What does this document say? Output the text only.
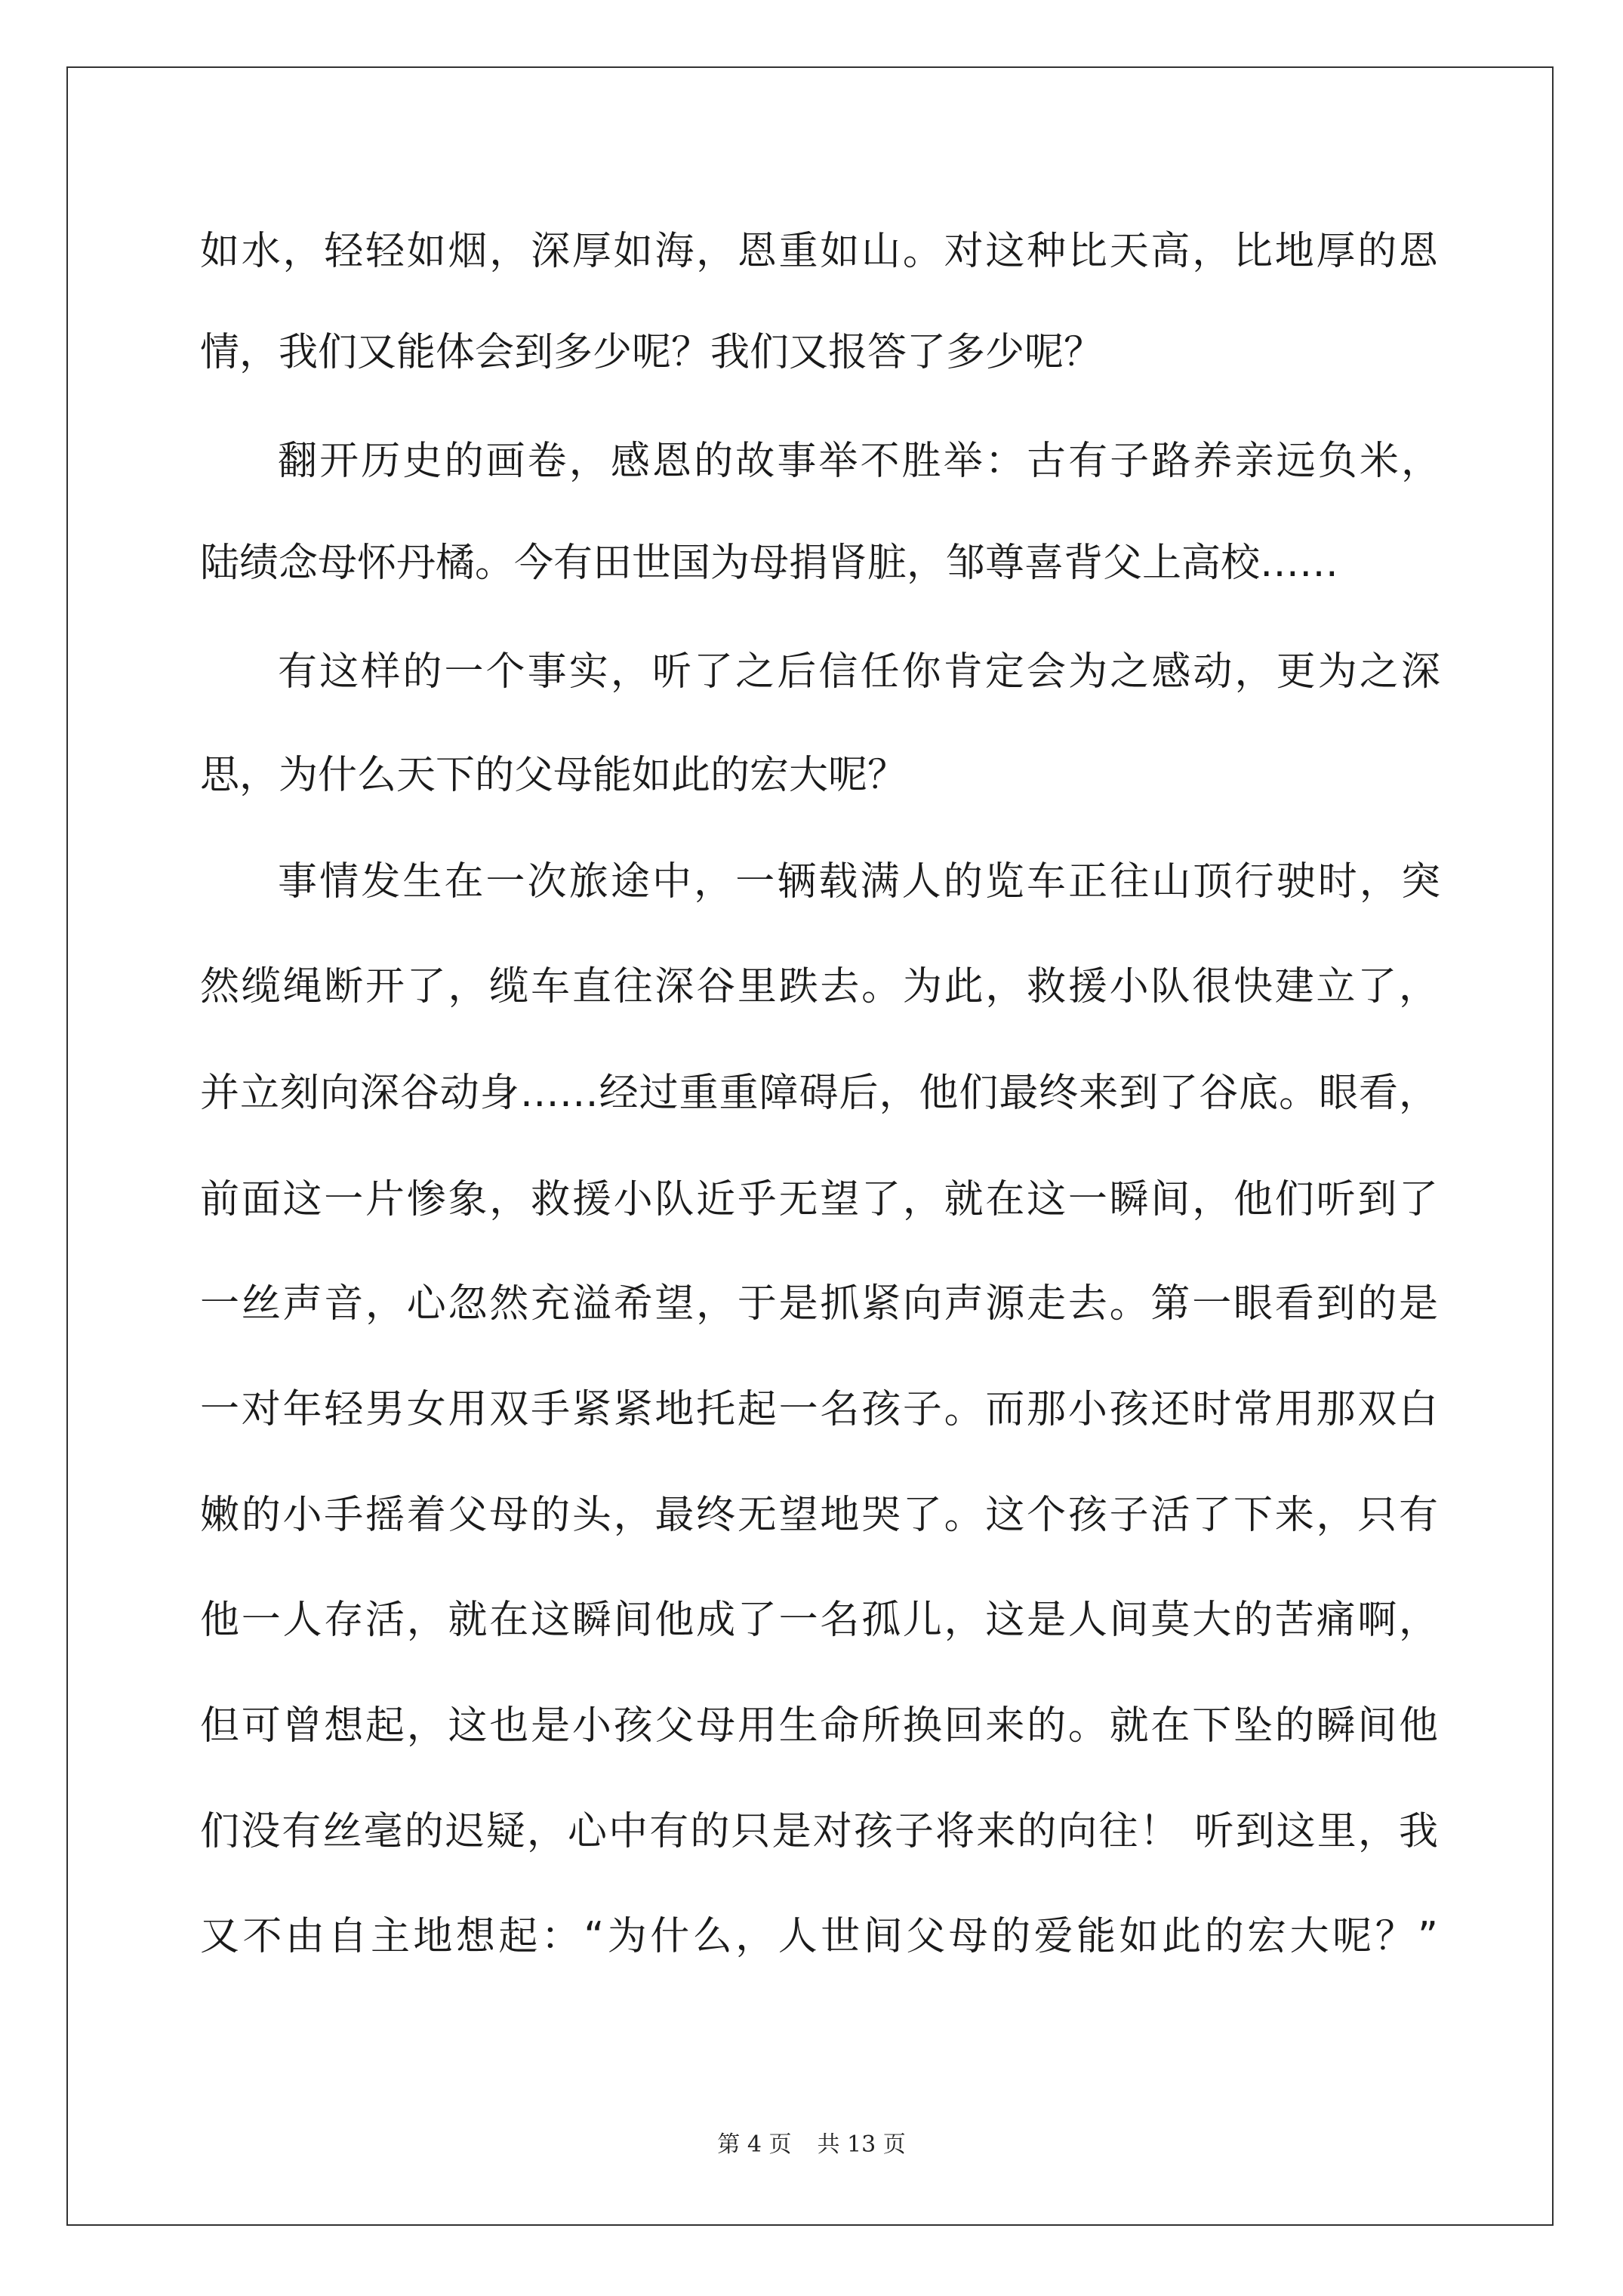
如水，轻轻如烟，深厚如海，恩重如山。对这种比天高，比地厚的恩
情，我们又能体会到多少呢？我们又报答了多少呢？
翻开历史的画卷，感恩的故事举不胜举：古有子路养亲远负米，
陆绩念母怀丹橘。今有田世国为母捐肾脏，邹尊喜背父上高校……
有这样的一个事实，听了之后信任你肯定会为之感动，更为之深
思，为什么天下的父母能如此的宏大呢？
事情发生在一次旅途中，一辆载满人的览车正往山顶行驶时，突
然缆绳断开了，缆车直往深谷里跌去。为此，救援小队很快建立了，
并立刻向深谷动身……经过重重障碍后，他们最终来到了谷底。眼看，
前面这一片惨象，救援小队近乎无望了，就在这一瞬间，他们听到了
一丝声音，心忽然充溢希望，于是抓紧向声源走去。第一眼看到的是
一对年轻男女用双手紧紧地托起一名孩子。而那小孩还时常用那双白
嫩的小手摇着父母的头，最终无望地哭了。这个孩子活了下来，只有
他一人存活，就在这瞬间他成了一名孤儿，这是人间莫大的苦痛啊，
但可曾想起，这也是小孩父母用生命所换回来的。就在下坠的瞬间他
们没有丝毫的迟疑，心中有的只是对孩子将来的向往！ 听到这里，我
又不由自主地想起：“为什么，人世间父母的爱能如此的宏大呢？”
第 4 页 共 13 页
